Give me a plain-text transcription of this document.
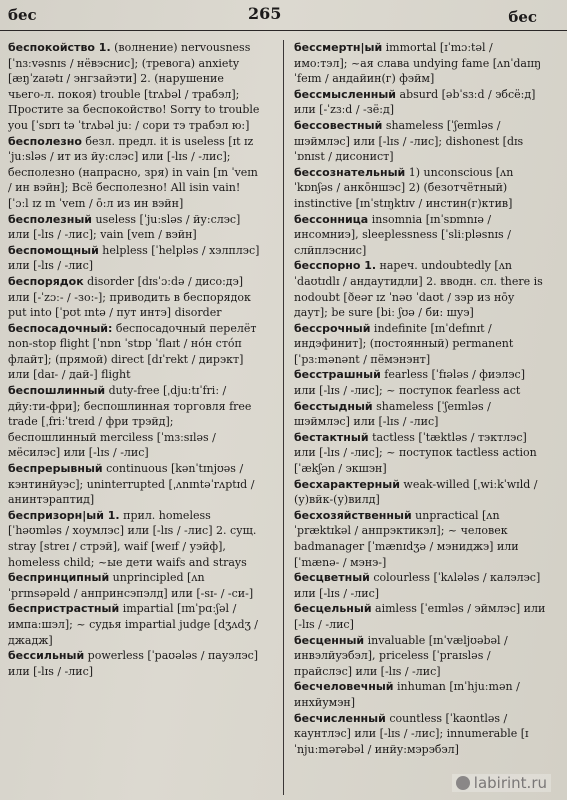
бес	265	бес
беспокойство 1. (волнение) nervousness [ˈnɜːvəsnɪs / нёвэснис]; (тревога) anxiety [æŋˈzaɪətɪ / энгзайэти] 2. (нарушение чьего-л. покоя) trouble [trʌbəl / трабэл]; Простите за беспокойство! Sorry to trouble you [ˈsɒrɪ tə ˈtrʌbəl juː / сори тэ трабэл ю:]
бесполезно безл. предл. it is useless [ɪt ɪz ˈjuːsləs / ит из йу:слэс] или [-lɪs / -лис]; бесполезно (напрасно, зря) in vain [ɪn ˈveɪn / ин вэйн]; Всё бесполезно! All isin vain! [ˈɔːl ɪz ɪn ˈveɪn / ō:л из ин вэйн]
бесполезный useless [ˈjuːsləs / йу:слэс] или [-lɪs / -лис]; vain [veɪn / вэйн]
беспомощный helpless [ˈhelpləs / хэлплэс] или [-lɪs / -лис]
беспорядок disorder [dɪsˈɔːdə / дисо:дэ] или [-ˈzɔː- / -зо:-]; приводить в беспорядок put into [ˈpʊt ɪntə / пут интэ] disorder
беспосадочный: беспосадочный перелёт non-stop flight [ˈnɒn ˈstɒp ˈflaɪt / нóн стóп флайт]; (прямой) direct [dɪˈrekt / дирэкт] или [daɪ- / дай-] flight
беспошлинный duty-free [ˌdjuːtɪˈfriː / дйу:ти-фри]; беспошлинная торговля free trade [ˌfriːˈtreɪd / фри трэйд]; беспошлинный merciless [ˈmɜːsɪləs / мёсилэс] или [-lɪs / -лис]
беспрерывный continuous [kənˈtɪnjʊəs / кэнтинйуэс]; uninterrupted [ˌʌnɪntəˈrʌptɪd / анинтэраптид]
беспризорн|ый 1. прил. homeless [ˈhəʊmləs / хоумлэс] или [-lɪs / -лис] 2. сущ. stray [streɪ / стрэй], waif [weɪf / уэйф], homeless child; ~ые дети waifs and strays
беспринципный unprincipled [ʌnˈprɪnsəpəld / анпринсэпэлд] или [-sɪ- / -си-]
беспристрастный impartial [ɪmˈpɑːʃəl / импа:шэл]; ~ судья impartial judge [dʒʌdʒ / джадж]
бессильный powerless [ˈpaʊələs / пауэлэс] или [-lɪs / -лис]
бессмертн|ый immortal [ɪˈmɔːtəl / имо:тэл]; ~ая слава undying fame [ʌnˈdaɪɪŋ ˈfeɪm / андайин(г) фэйм]
бессмысленный absurd [əbˈsɜːd / эбсё:д] или [-ˈzɜːd / -зё:д]
бессовестный shameless [ˈʃeɪmləs / шэймлэс] или [-lɪs / -лис]; dishonest [dɪsˈɒnɪst / дисонист]
бессознательный 1) unconscious [ʌnˈkɒnʃəs / анкōншэс] 2) (безотчётный) instinctive [ɪnˈstɪŋktɪv / инстин(г)ктив]
бессонница insomnia [ɪnˈsɒmnɪə / инсомниэ], sleeplessness [ˈsliːpləsnɪs / слйплэснис]
бесспорно 1. нареч. undoubtedly [ʌnˈdaʊtɪdlɪ / андаутидли] 2. вводн. сл. there is nodoubt [ðeər ɪz ˈnəʊ ˈdaʊt / зэр из нōу даут]; be sure [biː ʃʊə / би: шуэ]
бессрочный indefinite [ɪnˈdefɪnɪt / индэфинит]; (постоянный) permanent [ˈpɜːmənənt / пёмэнэнт]
бесстрашный fearless [ˈfɪələs / фиэлэс] или [-lɪs / -лис]; ~ поступок fearless act
бесстыдный shameless [ˈʃeɪmləs / шэймлэс] или [-lɪs / -лис]
бестактный tactless [ˈtæktləs / тэктлэс] или [-lɪs / -лис]; ~ поступок tactless action [ˈækʃən / экшэн]
бесхарактерный weak-willed [ˌwiːkˈwɪld / (у)вйк-(у)вилд]
бесхозяйственный unpractical [ʌnˈpræktɪkəl / анпрэктикэл]; ~ человек badmanager [ˈmænɪdʒə / мэниджэ] или [ˈmænə- / мэнэ-]
бесцветный colourless [ˈkʌlələs / калэлэс] или [-lɪs / -лис]
бесцельный aimless [ˈeɪmləs / эймлэс] или [-lɪs / -лис]
бесценный invaluable [ɪnˈvæljʊəbəl / инвэлйуэбэл], priceless [ˈpraɪsləs / прайслэс] или [-lɪs / -лис]
бесчеловечный inhuman [ɪnˈhjuːmən / инхйумэн]
бесчисленный countless [ˈkaʊntləs / каунтлэс] или [-lɪs / -лис]; innumerable [ɪˈnjuːmərəbəl / инйу:мэрэбэл]
labirint.ru
